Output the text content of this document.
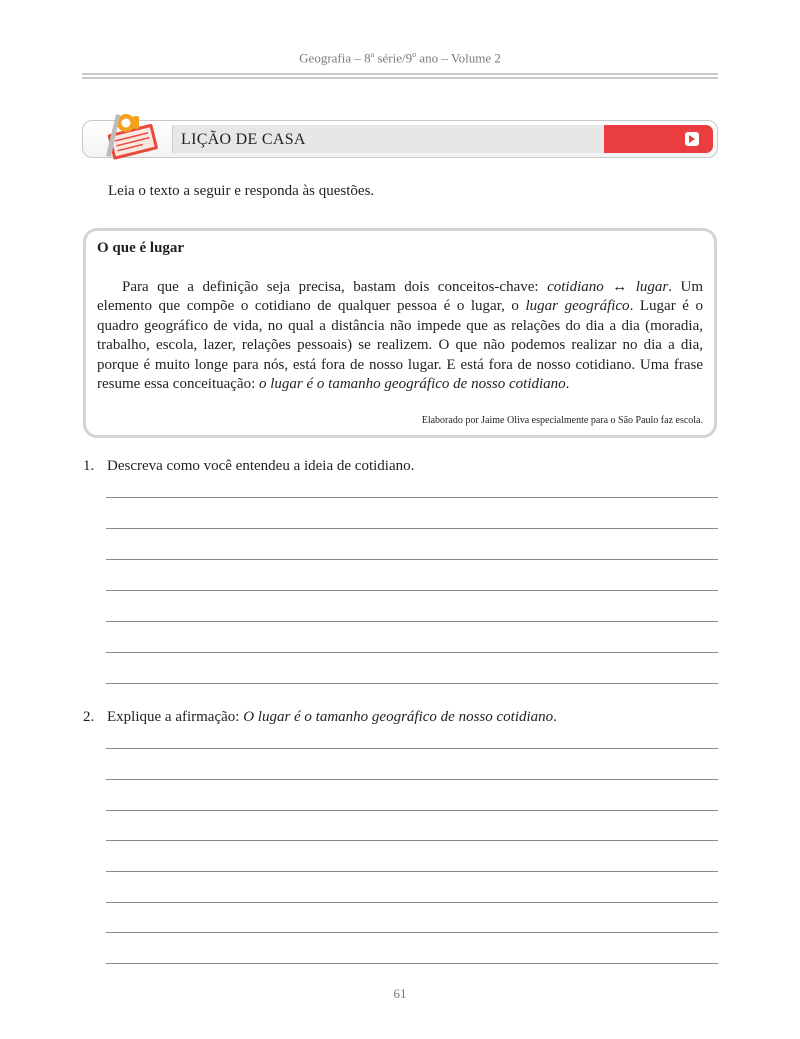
Geografia – 8$^a$ série/9$^o$ ano – Volume 2
LIÇÃO DE CASA
Leia o texto a seguir e responda às questões.
O que é lugar

Para que a definição seja precisa, bastam dois conceitos-chave: cotidiano ↔ lugar. Um elemento que compõe o cotidiano de qualquer pessoa é o lugar, o lugar geográfico. Lugar é o quadro geográfico de vida, no qual a distância não impede que as relações do dia a dia (moradia, trabalho, escola, lazer, relações pessoais) se realizem. O que não podemos realizar no dia a dia, porque é muito longe para nós, está fora de nosso lugar. E está fora de nosso cotidiano. Uma frase resume essa conceituação: o lugar é o tamanho geográfico de nosso cotidiano.

Elaborado por Jaime Oliva especialmente para o São Paulo faz escola.
1. Descreva como você entendeu a ideia de cotidiano.
2. Explique a afirmação: O lugar é o tamanho geográfico de nosso cotidiano.
61
